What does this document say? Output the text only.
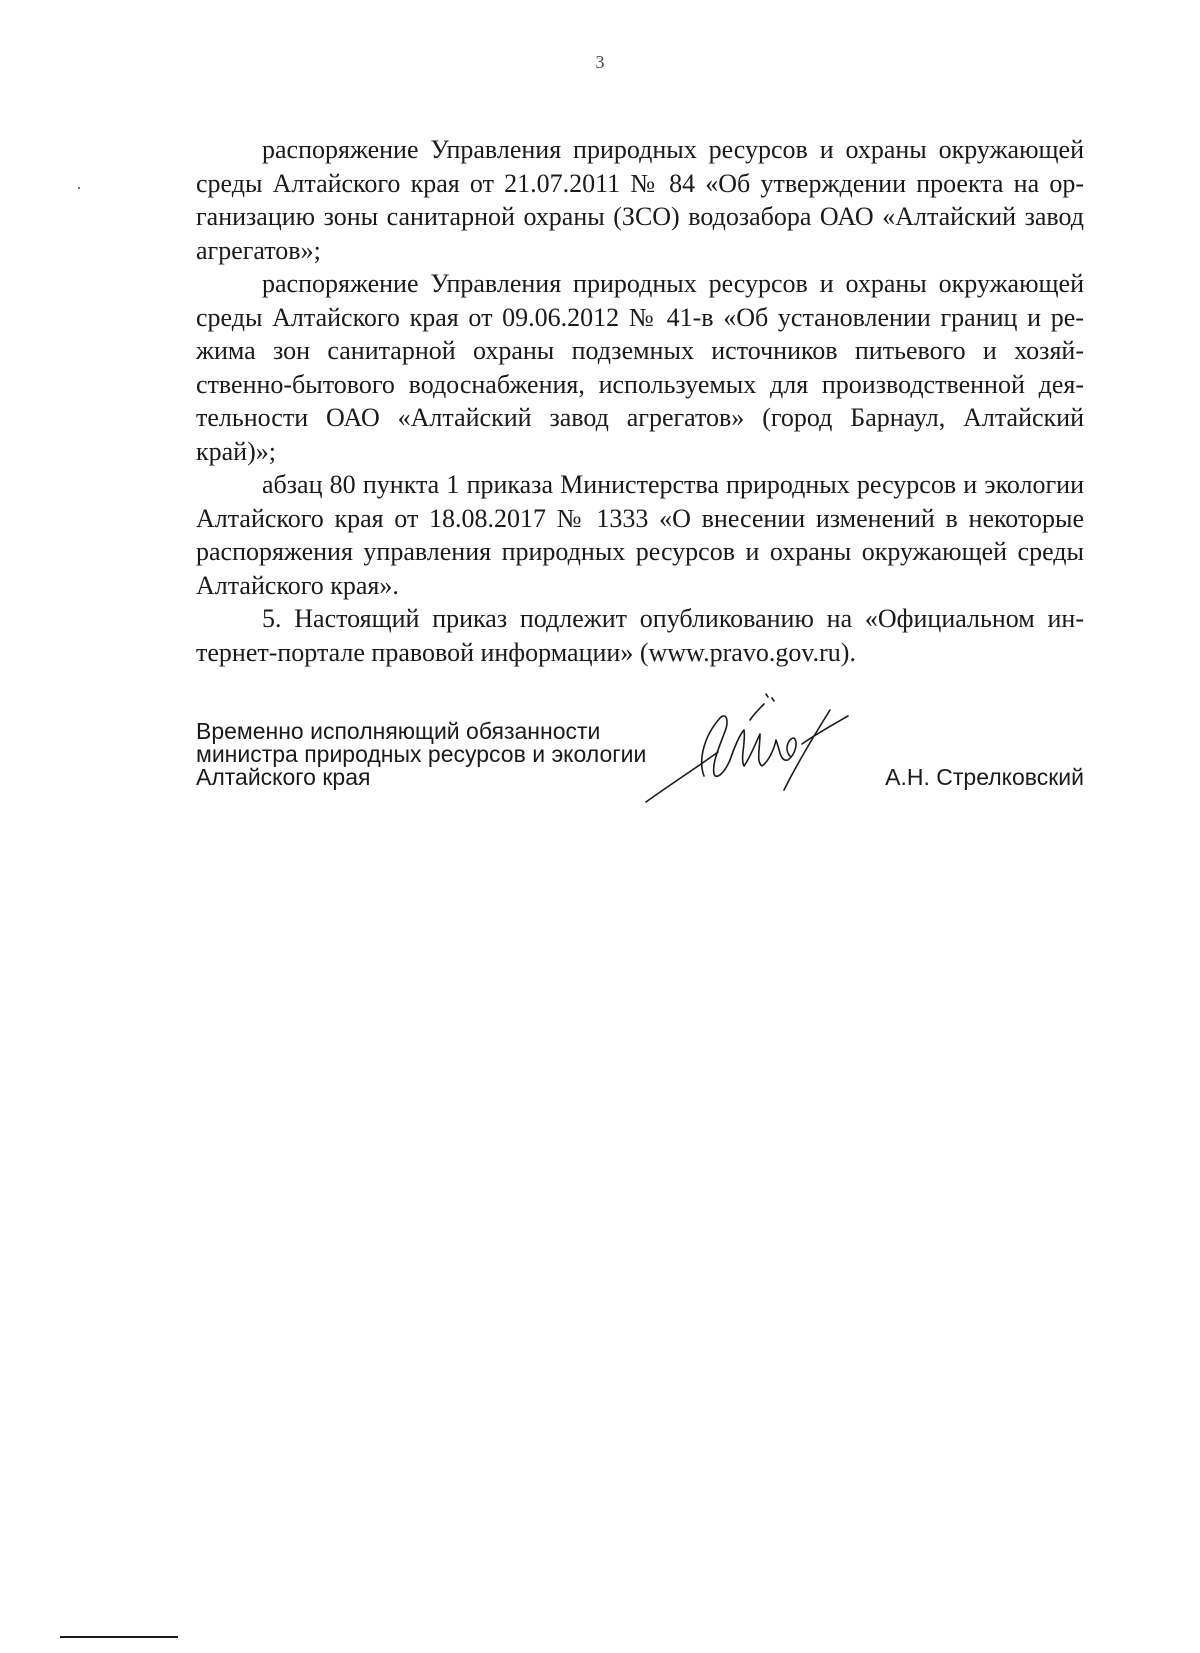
3

распоряжение Управления природных ресурсов и охраны окружающей среды Алтайского края от 21.07.2011 № 84 «Об утверждении проекта на организацию зоны санитарной охраны (ЗСО) водозабора ОАО «Алтайский завод агрегатов»;

распоряжение Управления природных ресурсов и охраны окружающей среды Алтайского края от 09.06.2012 № 41-в «Об установлении границ и режима зон санитарной охраны подземных источников питьевого и хозяйственно-бытового водоснабжения, используемых для производственной деятельности ОАО «Алтайский завод агрегатов» (город Барнаул, Алтайский край)»;

абзац 80 пункта 1 приказа Министерства природных ресурсов и экологии Алтайского края от 18.08.2017 № 1333 «О внесении изменений в некоторые распоряжения управления природных ресурсов и охраны окружающей среды Алтайского края».

5. Настоящий приказ подлежит опубликованию на «Официальном интернет-портале правовой информации» (www.pravo.gov.ru).

Временно исполняющий обязанности
министра природных ресурсов и экологии
Алтайского края	А.Н. Стрелковский
